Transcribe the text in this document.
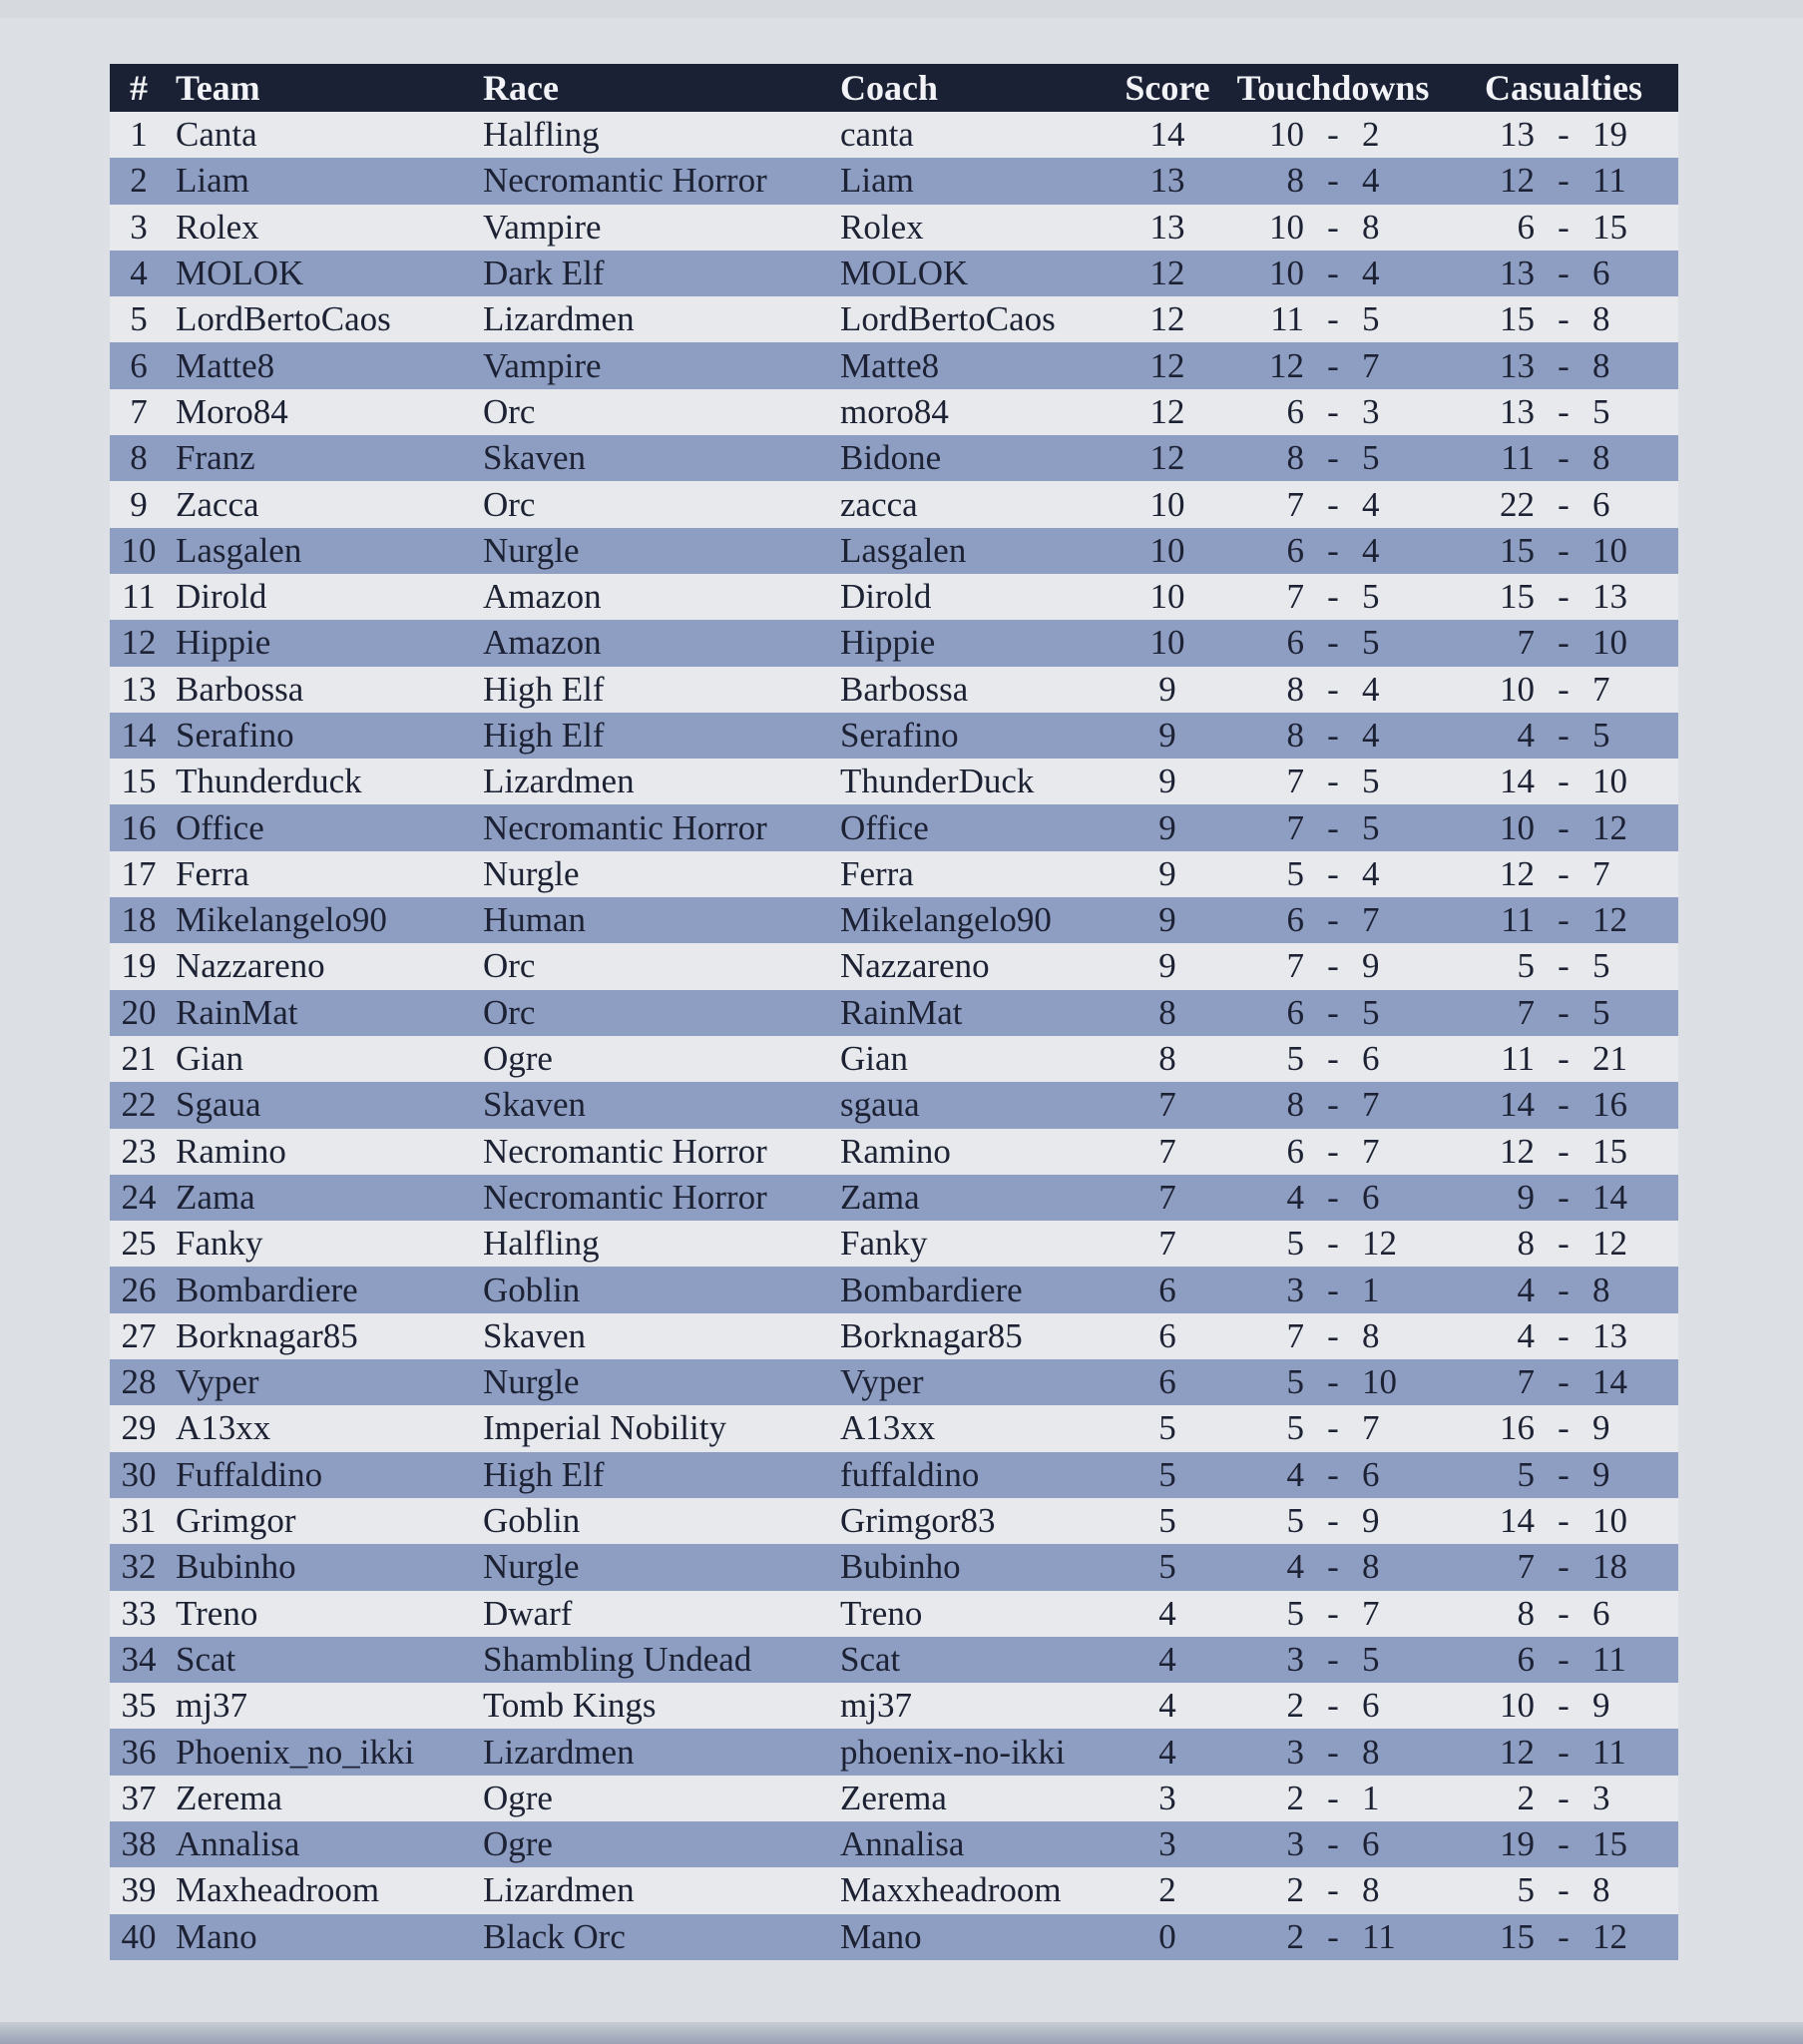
#	Team	Race	Coach	Score	Touchdowns	Casualties
1	Canta	Halfling	canta	14	10 - 2	13 - 19
2	Liam	Necromantic Horror	Liam	13	8 - 4	12 - 11
3	Rolex	Vampire	Rolex	13	10 - 8	6 - 15
4	MOLOK	Dark Elf	MOLOK	12	10 - 4	13 - 6
5	LordBertoCaos	Lizardmen	LordBertoCaos	12	11 - 5	15 - 8
6	Matte8	Vampire	Matte8	12	12 - 7	13 - 8
7	Moro84	Orc	moro84	12	6 - 3	13 - 5
8	Franz	Skaven	Bidone	12	8 - 5	11 - 8
9	Zacca	Orc	zacca	10	7 - 4	22 - 6
10	Lasgalen	Nurgle	Lasgalen	10	6 - 4	15 - 10
11	Dirold	Amazon	Dirold	10	7 - 5	15 - 13
12	Hippie	Amazon	Hippie	10	6 - 5	7 - 10
13	Barbossa	High Elf	Barbossa	9	8 - 4	10 - 7
14	Serafino	High Elf	Serafino	9	8 - 4	4 - 5
15	Thunderduck	Lizardmen	ThunderDuck	9	7 - 5	14 - 10
16	Office	Necromantic Horror	Office	9	7 - 5	10 - 12
17	Ferra	Nurgle	Ferra	9	5 - 4	12 - 7
18	Mikelangelo90	Human	Mikelangelo90	9	6 - 7	11 - 12
19	Nazzareno	Orc	Nazzareno	9	7 - 9	5 - 5
20	RainMat	Orc	RainMat	8	6 - 5	7 - 5
21	Gian	Ogre	Gian	8	5 - 6	11 - 21
22	Sgaua	Skaven	sgaua	7	8 - 7	14 - 16
23	Ramino	Necromantic Horror	Ramino	7	6 - 7	12 - 15
24	Zama	Necromantic Horror	Zama	7	4 - 6	9 - 14
25	Fanky	Halfling	Fanky	7	5 - 12	8 - 12
26	Bombardiere	Goblin	Bombardiere	6	3 - 1	4 - 8
27	Borknagar85	Skaven	Borknagar85	6	7 - 8	4 - 13
28	Vyper	Nurgle	Vyper	6	5 - 10	7 - 14
29	A13xx	Imperial Nobility	A13xx	5	5 - 7	16 - 9
30	Fuffaldino	High Elf	fuffaldino	5	4 - 6	5 - 9
31	Grimgor	Goblin	Grimgor83	5	5 - 9	14 - 10
32	Bubinho	Nurgle	Bubinho	5	4 - 8	7 - 18
33	Treno	Dwarf	Treno	4	5 - 7	8 - 6
34	Scat	Shambling Undead	Scat	4	3 - 5	6 - 11
35	mj37	Tomb Kings	mj37	4	2 - 6	10 - 9
36	Phoenix_no_ikki	Lizardmen	phoenix-no-ikki	4	3 - 8	12 - 11
37	Zerema	Ogre	Zerema	3	2 - 1	2 - 3
38	Annalisa	Ogre	Annalisa	3	3 - 6	19 - 15
39	Maxheadroom	Lizardmen	Maxxheadroom	2	2 - 8	5 - 8
40	Mano	Black Orc	Mano	0	2 - 11	15 - 12
